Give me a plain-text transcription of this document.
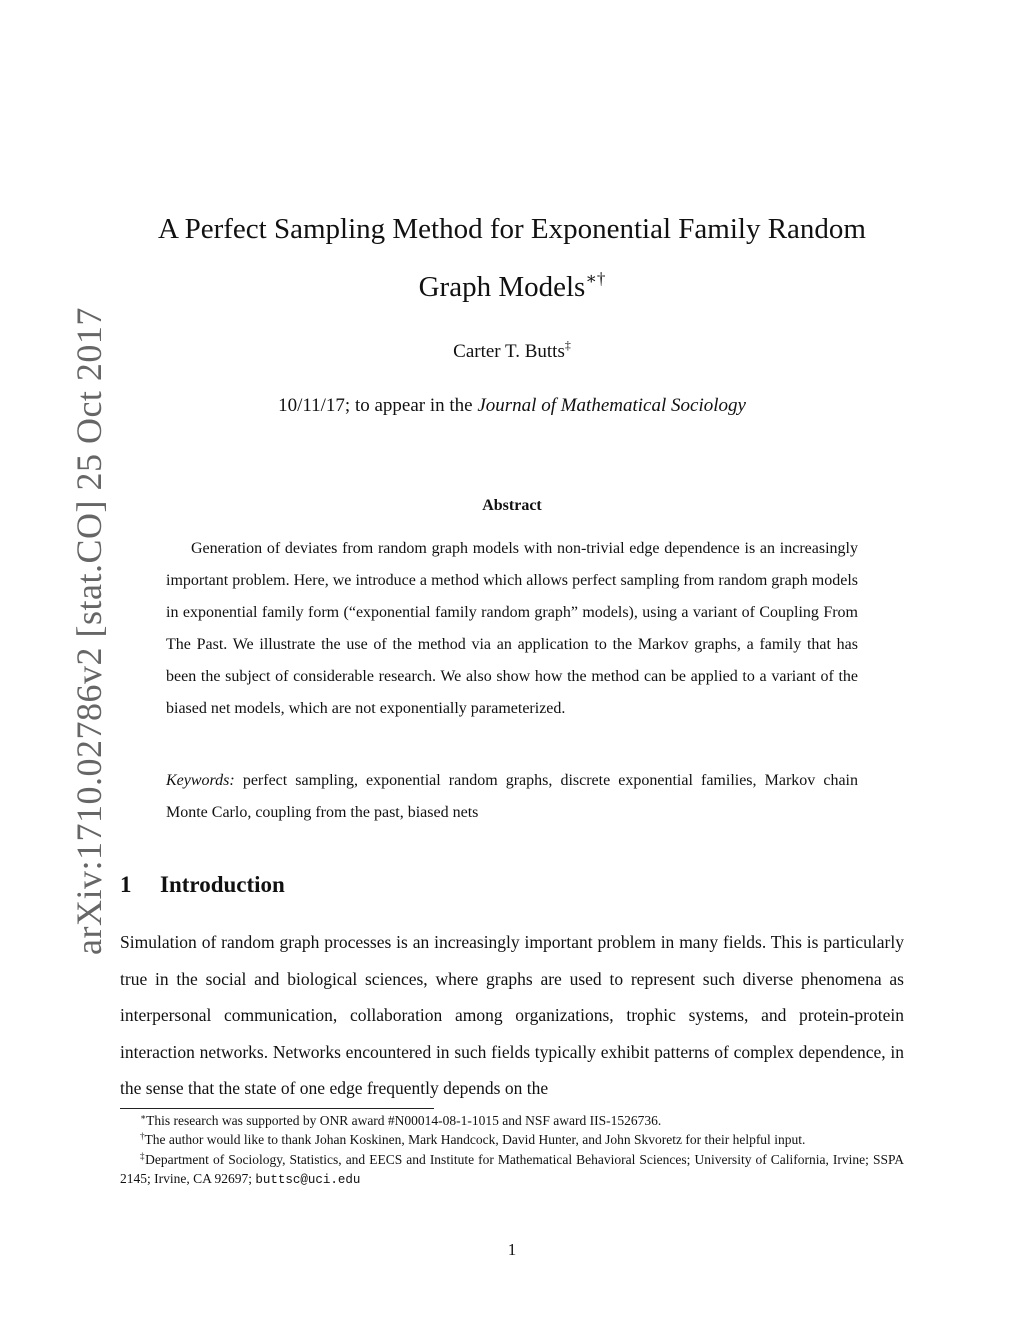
arXiv:1710.02786v2 [stat.CO] 25 Oct 2017
A Perfect Sampling Method for Exponential Family Random
Graph Models∗†
Carter T. Butts‡
10/11/17; to appear in the Journal of Mathematical Sociology
Abstract

Generation of deviates from random graph models with non-trivial edge dependence is an increasingly important problem. Here, we introduce a method which allows perfect sampling from random graph models in exponential family form (“exponential family random graph” models), using a variant of Coupling From The Past. We illustrate the use of the method via an application to the Markov graphs, a family that has been the subject of considerable research. We also show how the method can be applied to a variant of the biased net models, which are not exponentially parameterized.

Keywords: perfect sampling, exponential random graphs, discrete exponential families, Markov chain Monte Carlo, coupling from the past, biased nets

1 Introduction

Simulation of random graph processes is an increasingly important problem in many fields. This is particularly true in the social and biological sciences, where graphs are used to represent such diverse phenomena as interpersonal communication, collaboration among organizations, trophic systems, and protein-protein interaction networks. Networks encountered in such fields typically exhibit patterns of complex dependence, in the sense that the state of one edge frequently depends on the

∗This research was supported by ONR award #N00014-08-1-1015 and NSF award IIS-1526736.

†The author would like to thank Johan Koskinen, Mark Handcock, David Hunter, and John Skvoretz for their helpful input.

‡Department of Sociology, Statistics, and EECS and Institute for Mathematical Behavioral Sciences; University of California, Irvine; SSPA 2145; Irvine, CA 92697; buttsc@uci.edu

1
